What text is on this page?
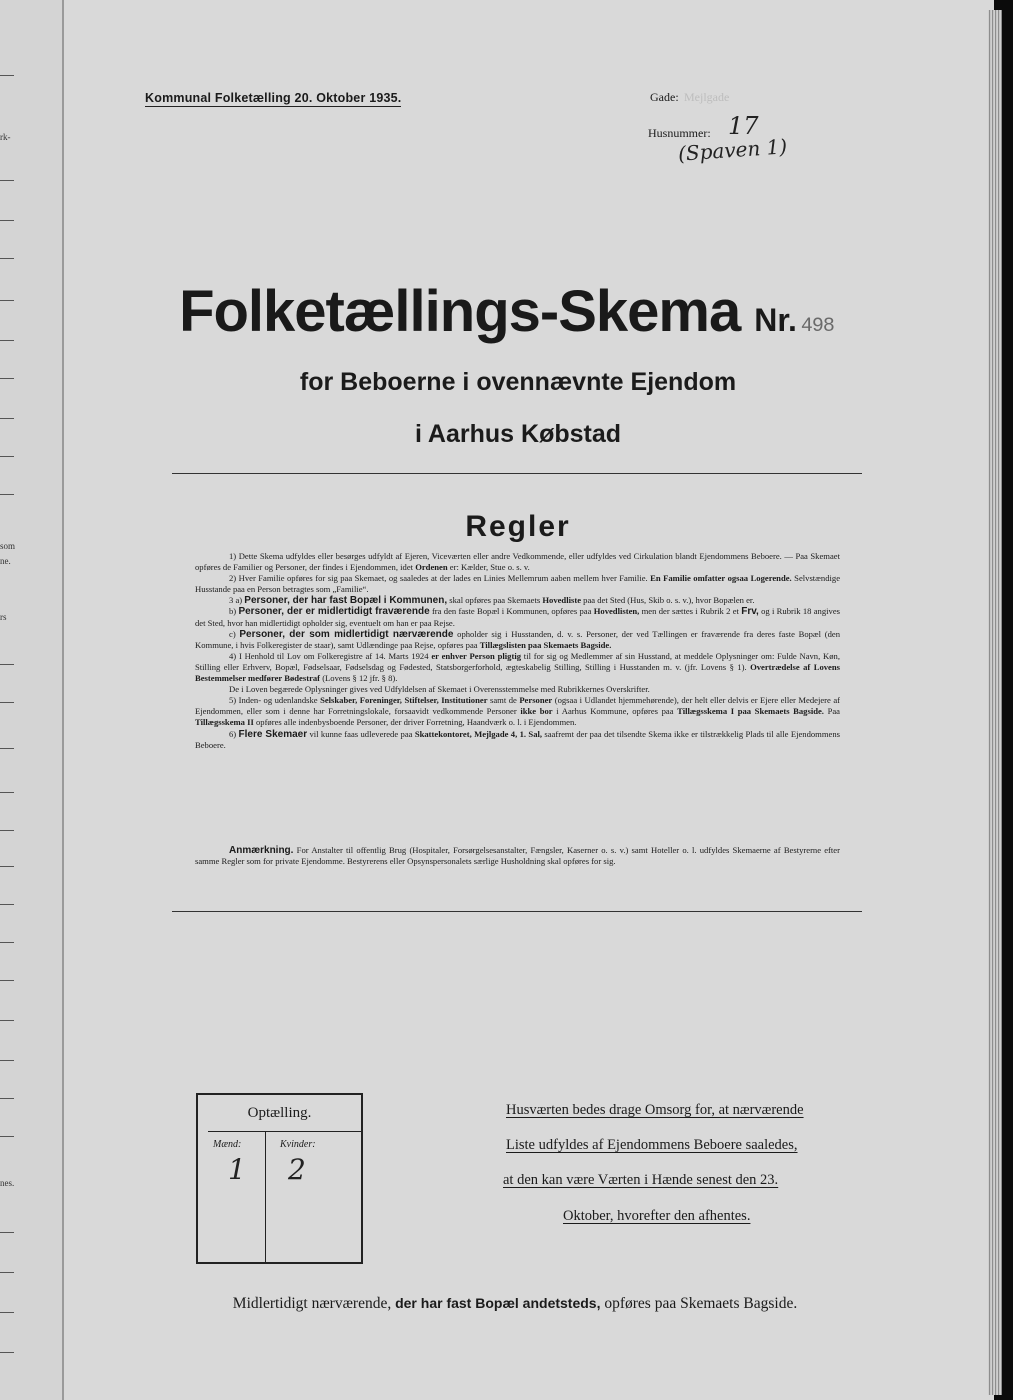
rk-
som
ne.
rs
nes.
Kommunal Folketælling 20. Oktober 1935.	Gade: Mejlgade
Husnummer: 17
(Spaven 1)
Folketællings-Skema Nr. 498
for Beboerne i ovennævnte Ejendom
i Aarhus Købstad
Regler

1) Dette Skema udfyldes eller besørges udfyldt af Ejeren, Viceværten eller andre Vedkommende, eller udfyldes ved Cirkulation blandt Ejendommens Beboere. — Paa Skemaet opføres de Familier og Personer, der findes i Ejendommen, idet Ordenen er: Kælder, Stue o. s. v.

2) Hver Familie opføres for sig paa Skemaet, og saaledes at der lades en Linies Mellemrum aaben mellem hver Familie. En Familie omfatter ogsaa Logerende. Selvstændige Husstande paa en Person betragtes som „Familie“.

3 a) Personer, der har fast Bopæl i Kommunen, skal opføres paa Skemaets Hovedliste paa det Sted (Hus, Skib o. s. v.), hvor Bopælen er.

b) Personer, der er midlertidigt fraværende fra den faste Bopæl i Kommunen, opføres paa Hovedlisten, men der sættes i Rubrik 2 et Frv, og i Rubrik 18 angives det Sted, hvor han midlertidigt opholder sig, eventuelt om han er paa Rejse.

c) Personer, der som midlertidigt nærværende opholder sig i Husstanden, d. v. s. Personer, der ved Tællingen er fraværende fra deres faste Bopæl (den Kommune, i hvis Folkeregister de staar), samt Udlændinge paa Rejse, opføres paa Tillægslisten paa Skemaets Bagside.

4) I Henhold til Lov om Folkeregistre af 14. Marts 1924 er enhver Person pligtig til for sig og Medlemmer af sin Husstand, at meddele Oplysninger om: Fulde Navn, Køn, Stilling eller Erhverv, Bopæl, Fødselsaar, Fødselsdag og Fødested, Statsborgerforhold, ægteskabelig Stilling, Stilling i Husstanden m. v. (jfr. Lovens § 1). Overtrædelse af Lovens Bestemmelser medfører Bødestraf (Lovens § 12 jfr. § 8).

De i Loven begærede Oplysninger gives ved Udfyldelsen af Skemaet i Overensstemmelse med Rubrikkernes Overskrifter.

5) Inden- og udenlandske Selskaber, Foreninger, Stiftelser, Institutioner samt de Personer (ogsaa i Udlandet hjemmehørende), der helt eller delvis er Ejere eller Medejere af Ejendommen, eller som i denne har Forretningslokale, forsaavidt vedkommende Personer ikke bor i Aarhus Kommune, opføres paa Tillægsskema I paa Skemaets Bagside. Paa Tillægsskema II opføres alle indenbysboende Personer, der driver Forretning, Haandværk o. l. i Ejendommen.

6) Flere Skemaer vil kunne faas udleverede paa Skattekontoret, Mejlgade 4, 1. Sal, saafremt der paa det tilsendte Skema ikke er tilstrækkelig Plads til alle Ejendommens Beboere.

Anmærkning. For Anstalter til offentlig Brug (Hospitaler, Forsørgelsesanstalter, Fængsler, Kaserner o. s. v.) samt Hoteller o. l. udfyldes Skemaerne af Bestyrerne efter samme Regler som for private Ejendomme. Bestyrerens eller Opsynspersonalets særlige Husholdning skal opføres for sig.

Optælling.
Mænd:	Kvinder:
1 2
Husværten bedes drage Omsorg for, at nærværende
Liste udfyldes af Ejendommens Beboere saaledes,
at den kan være Værten i Hænde senest den 23.
Oktober, hvorefter den afhentes.
Midlertidigt nærværende, der har fast Bopæl andetsteds, opføres paa Skemaets Bagside.
